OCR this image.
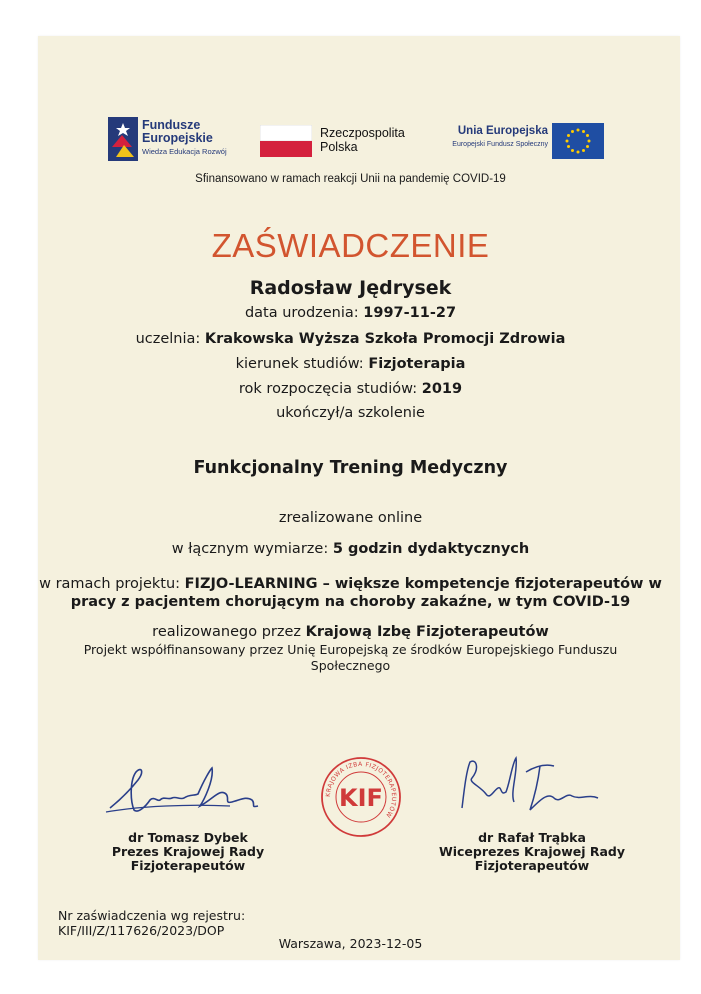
Fundusze
Europejskie
Wiedza Edukacja Rozwój
Rzeczpospolita
Polska
Unia Europejska
Europejski Fundusz Społeczny
Sfinansowano w ramach reakcji Unii na pandemię COVID-19
ZAŚWIADCZENIE
Radosław Jędrysek
data urodzenia: 1997-11-27
uczelnia: Krakowska Wyższa Szkoła Promocji Zdrowia
kierunek studiów: Fizjoterapia
rok rozpoczęcia studiów: 2019
ukończył/a szkolenie
Funkcjonalny Trening Medyczny
zrealizowane online
w łącznym wymiarze: 5 godzin dydaktycznych
w ramach projektu: FIZJO-LEARNING – większe kompetencje fizjoterapeutów w
pracy z pacjentem chorującym na choroby zakaźne, w tym COVID-19
realizowanego przez Krajową Izbę Fizjoterapeutów
Projekt współfinansowany przez Unię Europejską ze środków Europejskiego Funduszu
Społecznego
KRAJOWA IZBA FIZJOTERAPEUTÓW
KIF
dr Tomasz Dybek
Prezes Krajowej Rady
Fizjoterapeutów
dr Rafał Trąbka
Wiceprezes Krajowej Rady
Fizjoterapeutów
Nr zaświadczenia wg rejestru:
KIF/III/Z/117626/2023/DOP
Warszawa, 2023-12-05
